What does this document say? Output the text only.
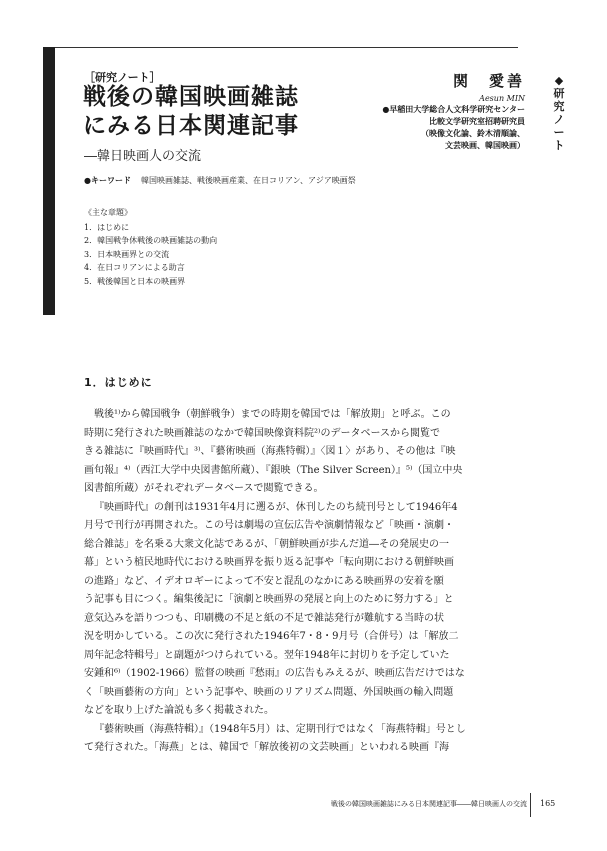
［研究ノート］
戦後の韓国映画雑誌
にみる日本関連記事
―韓日映画人の交流
関　愛善
Aesun MIN
●早稲田大学総合人文科学研究センター
比較文学研究室招聘研究員
（映像文化論、鈴木清順論、
文芸映画、韓国映画）
◆
研
究
ノ
ー
ト
●キーワード 韓国映画雑誌、戦後映画産業、在日コリアン、アジア映画祭
《主な章題》
1．はじめに
2．韓国戦争休戦後の映画雑誌の動向
3．日本映画界との交流
4．在日コリアンによる助言
5．戦後韓国と日本の映画界
1．はじめに
戦後¹⁾から韓国戦争（朝鮮戦争）までの時期を韓国では「解放期」と呼ぶ。この
時期に発行された映画雑誌のなかで韓国映像資料院²⁾のデータベースから閲覧で
きる雑誌に『映画時代』³⁾、『藝術映画（海燕特輯）』〈図１〉があり、その他は『映
画旬報』⁴⁾（西江大学中央図書館所蔵）、『銀映（The Silver Screen）』⁵⁾（国立中央
図書館所蔵）がそれぞれデータベースで閲覧できる。
『映画時代』の創刊は1931年4月に遡るが、休刊したのち続刊号として1946年4
月号で刊行が再開された。この号は劇場の宣伝広告や演劇情報など「映画・演劇・
総合雑誌」を名乗る大衆文化誌であるが、「朝鮮映画が歩んだ道―その発展史の一
幕」という植民地時代における映画界を振り返る記事や「転向期における朝鮮映画
の進路」など、イデオロギーによって不安と混乱のなかにある映画界の安着を願
う記事も目につく。編集後記に「演劇と映画界の発展と向上のために努力する」と
意気込みを語りつつも、印刷機の不足と紙の不足で雑誌発行が難航する当時の状
況を明かしている。この次に発行された1946年7・8・9月号（合併号）は「解放二
周年記念特輯号」と副題がつけられている。翌年1948年に封切りを予定していた
安鍾和⁶⁾（1902-1966）監督の映画『愁雨』の広告もみえるが、映画広告だけではな
く「映画藝術の方向」という記事や、映画のリアリズム問題、外国映画の輸入問題
などを取り上げた論説も多く掲載された。
『藝術映画（海燕特輯）』（1948年5月）は、定期刊行ではなく「海燕特輯」号とし
て発行された。「海燕」とは、韓国で「解放後初の文芸映画」といわれる映画『海
戦後の韓国映画雑誌にみる日本関連記事――韓日映画人の交流 165
